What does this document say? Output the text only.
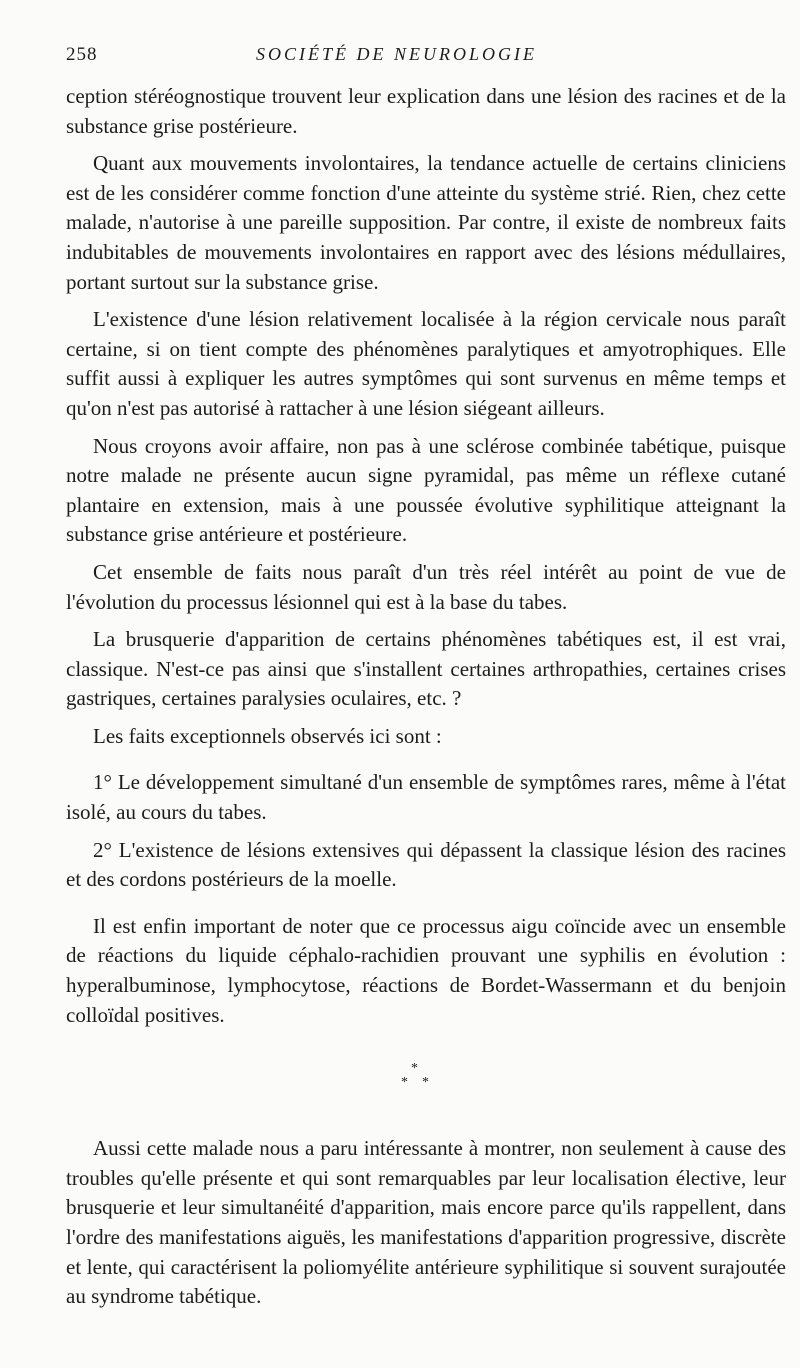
258	SOCIÉTÉ DE NEUROLOGIE

ception stéréognostique trouvent leur explication dans une lésion des racines et de la substance grise postérieure.

Quant aux mouvements involontaires, la tendance actuelle de certains cliniciens est de les considérer comme fonction d'une atteinte du système strié. Rien, chez cette malade, n'autorise à une pareille supposition. Par contre, il existe de nombreux faits indubitables de mouvements involontaires en rapport avec des lésions médullaires, portant surtout sur la substance grise.

L'existence d'une lésion relativement localisée à la région cervicale nous paraît certaine, si on tient compte des phénomènes paralytiques et amyotrophiques. Elle suffit aussi à expliquer les autres symptômes qui sont survenus en même temps et qu'on n'est pas autorisé à rattacher à une lésion siégeant ailleurs.

Nous croyons avoir affaire, non pas à une sclérose combinée tabétique, puisque notre malade ne présente aucun signe pyramidal, pas même un réflexe cutané plantaire en extension, mais à une poussée évolutive syphilitique atteignant la substance grise antérieure et postérieure.

Cet ensemble de faits nous paraît d'un très réel intérêt au point de vue de l'évolution du processus lésionnel qui est à la base du tabes.

La brusquerie d'apparition de certains phénomènes tabétiques est, il est vrai, classique. N'est-ce pas ainsi que s'installent certaines arthropathies, certaines crises gastriques, certaines paralysies oculaires, etc. ?

Les faits exceptionnels observés ici sont :

1° Le développement simultané d'un ensemble de symptômes rares, même à l'état isolé, au cours du tabes.

2° L'existence de lésions extensives qui dépassent la classique lésion des racines et des cordons postérieurs de la moelle.

Il est enfin important de noter que ce processus aigu coïncide avec un ensemble de réactions du liquide céphalo-rachidien prouvant une syphilis en évolution : hyperalbuminose, lymphocytose, réactions de Bordet-Wassermann et du benjoin colloïdal positives.

*
* *

Aussi cette malade nous a paru intéressante à montrer, non seulement à cause des troubles qu'elle présente et qui sont remarquables par leur localisation élective, leur brusquerie et leur simultanéité d'apparition, mais encore parce qu'ils rappellent, dans l'ordre des manifestations aiguës, les manifestations d'apparition progressive, discrète et lente, qui caractérisent la poliomyélite antérieure syphilitique si souvent surajoutée au syndrome tabétique.
